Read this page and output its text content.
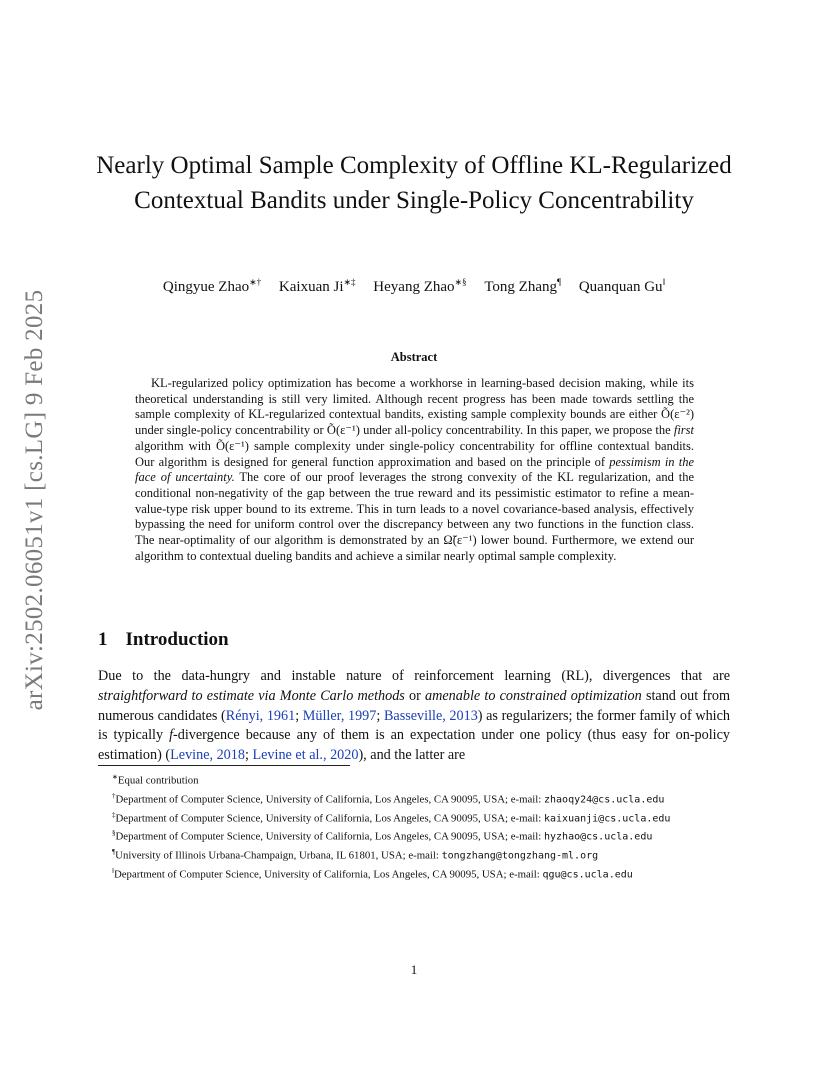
arXiv:2502.06051v1 [cs.LG] 9 Feb 2025
Nearly Optimal Sample Complexity of Offline KL-Regularized Contextual Bandits under Single-Policy Concentrability
Qingyue Zhao∗† Kaixuan Ji∗‡ Heyang Zhao∗§ Tong Zhang¶ Quanquan Gu‖
Abstract

KL-regularized policy optimization has become a workhorse in learning-based decision making, while its theoretical understanding is still very limited. Although recent progress has been made towards settling the sample complexity of KL-regularized contextual bandits, existing sample complexity bounds are either Õ(ε⁻²) under single-policy concentrability or Õ(ε⁻¹) under all-policy concentrability. In this paper, we propose the first algorithm with Õ(ε⁻¹) sample complexity under single-policy concentrability for offline contextual bandits. Our algorithm is designed for general function approximation and based on the principle of pessimism in the face of uncertainty. The core of our proof leverages the strong convexity of the KL regularization, and the conditional non-negativity of the gap between the true reward and its pessimistic estimator to refine a mean-value-type risk upper bound to its extreme. This in turn leads to a novel covariance-based analysis, effectively bypassing the need for uniform control over the discrepancy between any two functions in the function class. The near-optimality of our algorithm is demonstrated by an Ω̃(ε⁻¹) lower bound. Furthermore, we extend our algorithm to contextual dueling bandits and achieve a similar nearly optimal sample complexity.

1 Introduction

Due to the data-hungry and instable nature of reinforcement learning (RL), divergences that are straightforward to estimate via Monte Carlo methods or amenable to constrained optimization stand out from numerous candidates (Rényi, 1961; Müller, 1997; Basseville, 2013) as regularizers; the former family of which is typically f-divergence because any of them is an expectation under one policy (thus easy for on-policy estimation) (Levine, 2018; Levine et al., 2020), and the latter are

∗Equal contribution

†Department of Computer Science, University of California, Los Angeles, CA 90095, USA; e-mail: zhaoqy24@cs.ucla.edu

‡Department of Computer Science, University of California, Los Angeles, CA 90095, USA; e-mail: kaixuanji@cs.ucla.edu

§Department of Computer Science, University of California, Los Angeles, CA 90095, USA; e-mail: hyzhao@cs.ucla.edu

¶University of Illinois Urbana-Champaign, Urbana, IL 61801, USA; e-mail: tongzhang@tongzhang-ml.org

‖Department of Computer Science, University of California, Los Angeles, CA 90095, USA; e-mail: qgu@cs.ucla.edu

1
